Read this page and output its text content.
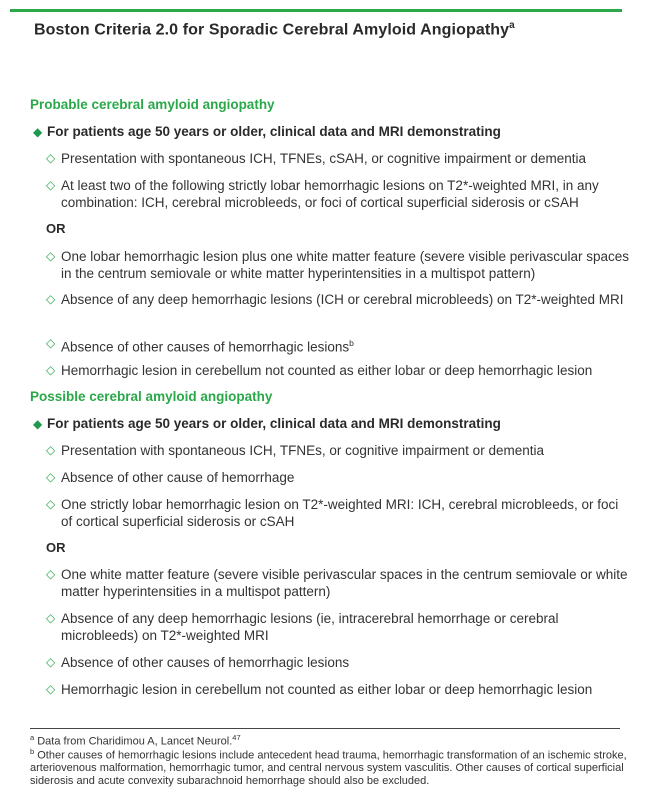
Boston Criteria 2.0 for Sporadic Cerebral Amyloid Angiopathy$^a$
Probable cerebral amyloid angiopathy
◆ For patients age 50 years or older, clinical data and MRI demonstrating
◇ Presentation with spontaneous ICH, TFNEs, cSAH, or cognitive impairment or dementia
◇ At least two of the following strictly lobar hemorrhagic lesions on T2*-weighted MRI, in any combination: ICH, cerebral microbleeds, or foci of cortical superficial siderosis or cSAH
OR
◇ One lobar hemorrhagic lesion plus one white matter feature (severe visible perivascular spaces in the centrum semiovale or white matter hyperintensities in a multispot pattern)
◇ Absence of any deep hemorrhagic lesions (ICH or cerebral microbleeds) on T2*-weighted MRI
◇ Absence of other causes of hemorrhagic lesions$^b$
◇ Hemorrhagic lesion in cerebellum not counted as either lobar or deep hemorrhagic lesion
Possible cerebral amyloid angiopathy
◆ For patients age 50 years or older, clinical data and MRI demonstrating
◇ Presentation with spontaneous ICH, TFNEs, or cognitive impairment or dementia
◇ Absence of other cause of hemorrhage
◇ One strictly lobar hemorrhagic lesion on T2*-weighted MRI: ICH, cerebral microbleeds, or foci of cortical superficial siderosis or cSAH
OR
◇ One white matter feature (severe visible perivascular spaces in the centrum semiovale or white matter hyperintensities in a multispot pattern)
◇ Absence of any deep hemorrhagic lesions (ie, intracerebral hemorrhage or cerebral microbleeds) on T2*-weighted MRI
◇ Absence of other causes of hemorrhagic lesions
◇ Hemorrhagic lesion in cerebellum not counted as either lobar or deep hemorrhagic lesion
$^a$ Data from Charidimou A, Lancet Neurol.$^{47}$
$^b$ Other causes of hemorrhagic lesions include antecedent head trauma, hemorrhagic transformation of an ischemic stroke, arteriovenous malformation, hemorrhagic tumor, and central nervous system vasculitis. Other causes of cortical superficial siderosis and acute convexity subarachnoid hemorrhage should also be excluded.
